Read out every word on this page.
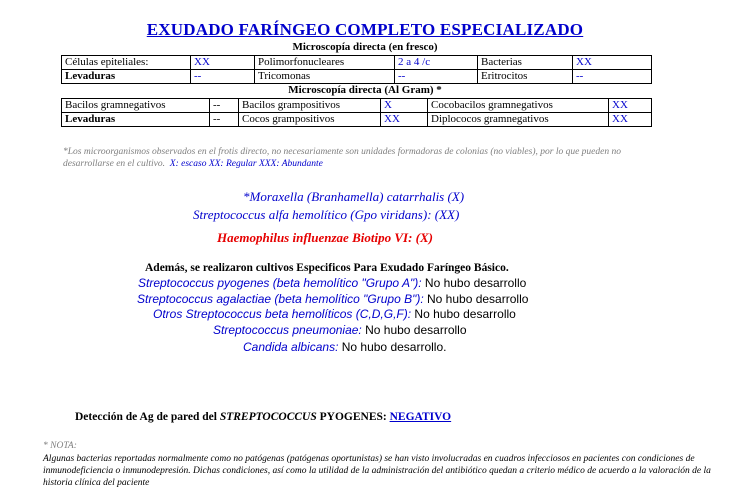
EXUDADO FARÍNGEO COMPLETO ESPECIALIZADO
Microscopía directa (en fresco)
Células epiteliales:	XX	Polimorfonucleares	2 a 4 /c	Bacterias	XX
Levaduras	--	Tricomonas	--	Eritrocitos	--
Microscopía directa (Al Gram) *
Bacilos gramnegativos	--	Bacilos grampositivos	X	Cocobacilos gramnegativos	XX
Levaduras	--	Cocos grampositivos	XX	Diplococos gramnegativos	XX
*Los microorganismos observados en el frotis directo, no necesariamente son unidades formadoras de colonias (no viables), por lo que pueden no desarrollarse en el cultivo. X: escaso XX: Regular XXX: Abundante
*Moraxella (Branhamella) catarrhalis (X)
Streptococcus alfa hemolítico (Gpo viridans): (XX)
Haemophilus influenzae Biotipo VI: (X)
Además, se realizaron cultivos Especificos Para Exudado Faríngeo Básico.
Streptococcus pyogenes (beta hemolítico "Grupo A"): No hubo desarrollo
Streptococcus agalactiae (beta hemolítico "Grupo B"): No hubo desarrollo
Otros Streptococcus beta hemolíticos (C,D,G,F): No hubo desarrollo
Streptococcus pneumoniae: No hubo desarrollo
Candida albicans: No hubo desarrollo.
Detección de Ag de pared del STREPTOCOCCUS PYOGENES: NEGATIVO
* NOTA:
Algunas bacterias reportadas normalmente como no patógenas (patógenas oportunistas) se han visto involucradas en cuadros infecciosos en pacientes con condiciones de inmunodeficiencia o inmunodepresión. Dichas condiciones, así como la utilidad de la administración del antibiótico quedan a criterio médico de acuerdo a la valoración de la historia clínica del paciente
